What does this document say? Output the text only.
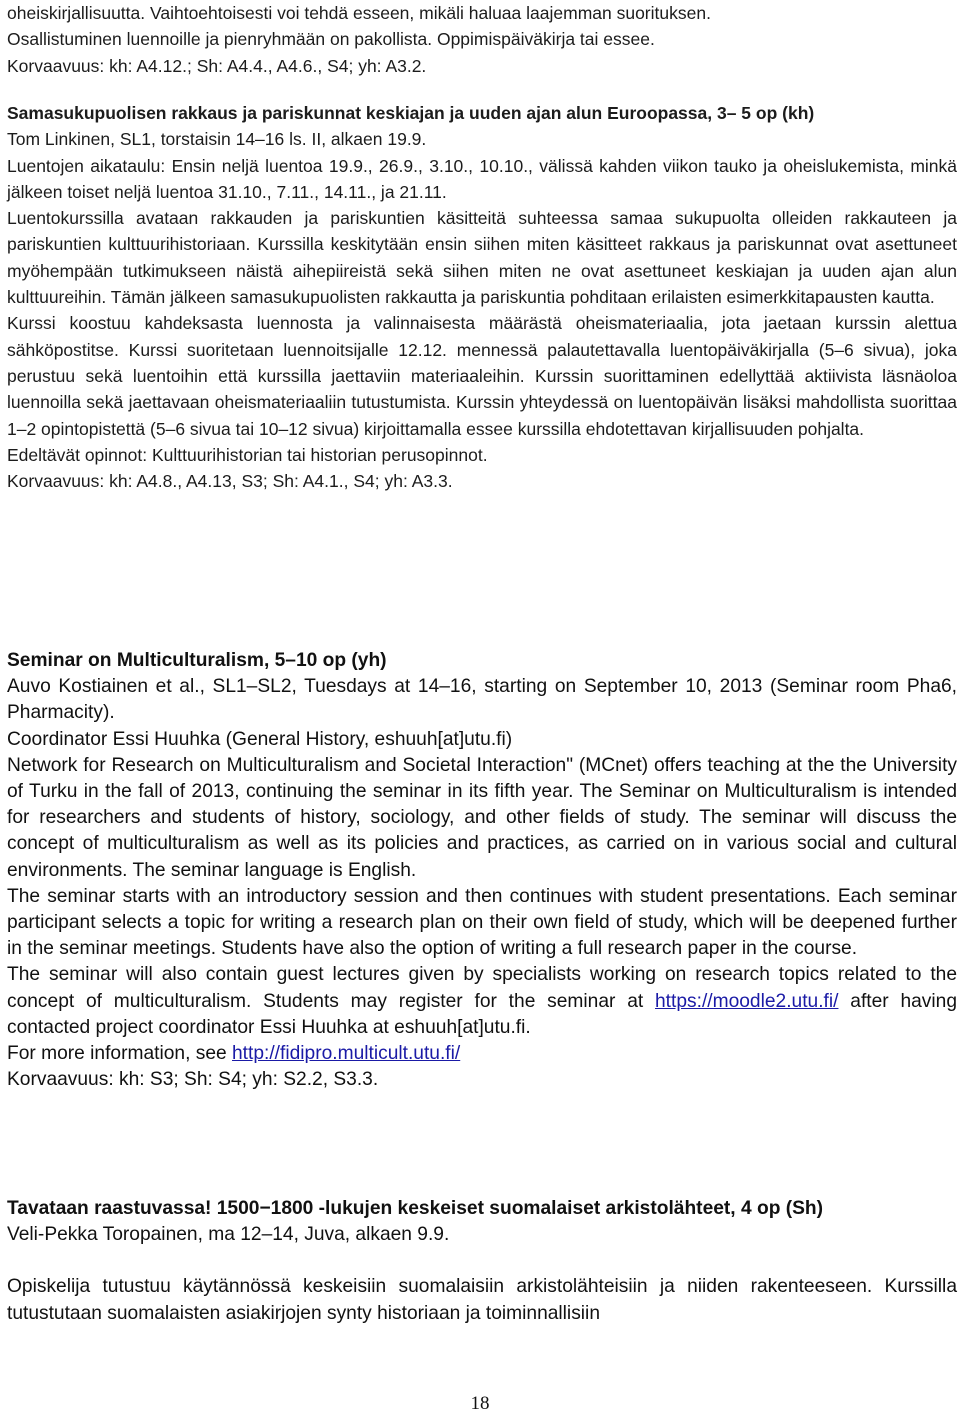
oheiskirjallisuutta. Vaihtoehtoisesti voi tehdä esseen, mikäli haluaa laajemman suorituksen.

Osallistuminen luennoille ja pienryhmään on pakollista. Oppimispäiväkirja tai essee.

Korvaavuus: kh: A4.12.; Sh: A4.4., A4.6., S4; yh: A3.2.

Samasukupuolisen rakkaus ja pariskunnat keskiajan ja uuden ajan alun Euroopassa, 3– 5 op (kh)

Tom Linkinen, SL1, torstaisin 14–16 ls. II, alkaen 19.9.

Luentojen aikataulu: Ensin neljä luentoa 19.9., 26.9., 3.10., 10.10., välissä kahden viikon tauko ja oheislukemista, minkä jälkeen toiset neljä luentoa 31.10., 7.11., 14.11., ja 21.11.

Luentokurssilla avataan rakkauden ja pariskuntien käsitteitä suhteessa samaa sukupuolta olleiden rakkauteen ja pariskuntien kulttuurihistoriaan. Kurssilla keskitytään ensin siihen miten käsitteet rakkaus ja pariskunnat ovat asettuneet myöhempään tutkimukseen näistä aihepiireistä sekä siihen miten ne ovat asettuneet keskiajan ja uuden ajan alun kulttuureihin. Tämän jälkeen samasukupuolisten rakkautta ja pariskuntia pohditaan erilaisten esimerkkitapausten kautta.

Kurssi koostuu kahdeksasta luennosta ja valinnaisesta määrästä oheismateriaalia, jota jaetaan kurssin alettua sähköpostitse. Kurssi suoritetaan luennoitsijalle 12.12. mennessä palautettavalla luentopäiväkirjalla (5–6 sivua), joka perustuu sekä luentoihin että kurssilla jaettaviin materiaaleihin. Kurssin suorittaminen edellyttää aktiivista läsnäoloa luennoilla sekä jaettavaan oheismateriaaliin tutustumista. Kurssin yhteydessä on luentopäivän lisäksi mahdollista suorittaa 1–2 opintopistettä (5–6 sivua tai 10–12 sivua) kirjoittamalla essee kurssilla ehdotettavan kirjallisuuden pohjalta.

Edeltävät opinnot: Kulttuurihistorian tai historian perusopinnot.

Korvaavuus: kh: A4.8., A4.13, S3; Sh: A4.1., S4; yh: A3.3.

Seminar on Multiculturalism, 5–10 op (yh)

Auvo Kostiainen et al., SL1–SL2, Tuesdays at 14–16, starting on September 10, 2013 (Seminar room Pha6, Pharmacity).

Coordinator Essi Huuhka (General History, eshuuh[at]utu.fi)

Network for Research on Multiculturalism and Societal Interaction" (MCnet) offers teaching at the the University of Turku in the fall of 2013, continuing the seminar in its fifth year. The Seminar on Multiculturalism is intended for researchers and students of history, sociology, and other fields of study. The seminar will discuss the concept of multiculturalism as well as its policies and practices, as carried on in various social and cultural environments. The seminar language is English.

The seminar starts with an introductory session and then continues with student presentations. Each seminar participant selects a topic for writing a research plan on their own field of study, which will be deepened further in the seminar meetings. Students have also the option of writing a full research paper in the course.

The seminar will also contain guest lectures given by specialists working on research topics related to the concept of multiculturalism. Students may register for the seminar at https://moodle2.utu.fi/ after having contacted project coordinator Essi Huuhka at eshuuh[at]utu.fi.

For more information, see http://fidipro.multicult.utu.fi/

Korvaavuus: kh: S3; Sh: S4; yh: S2.2, S3.3.

Tavataan raastuvassa! 1500−1800 -lukujen keskeiset suomalaiset arkistolähteet, 4 op (Sh)

Veli-Pekka Toropainen, ma 12–14, Juva, alkaen 9.9.

Opiskelija tutustuu käytännössä keskeisiin suomalaisiin arkistolähteisiin ja niiden rakenteeseen. Kurssilla tutustutaan suomalaisten asiakirjojen synty historiaan ja toiminnallisiin

18
